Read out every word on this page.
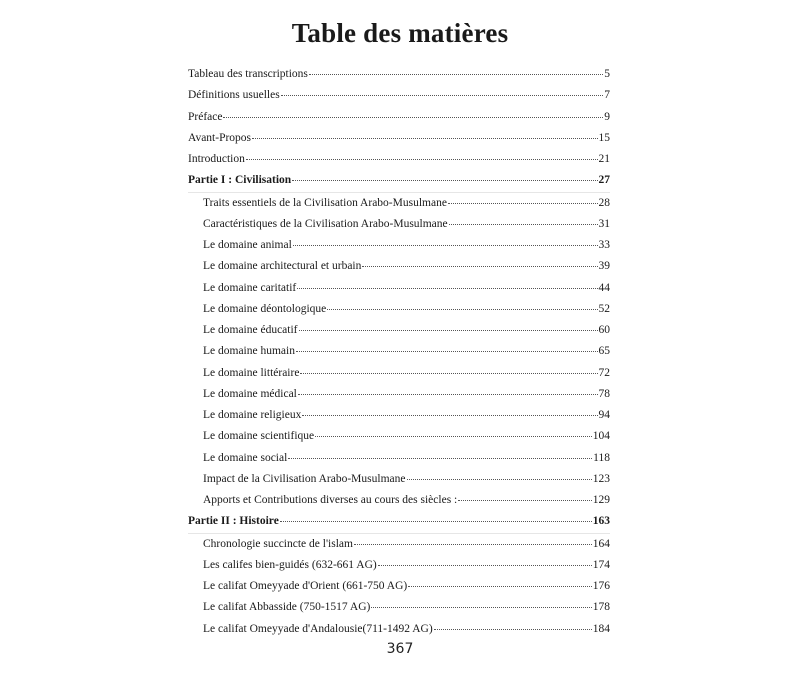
Table des matières
Tableau des transcriptions	5
Définitions usuelles	7
Préface	9
Avant-Propos	15
Introduction	21
Partie I : Civilisation	27
Traits essentiels de la Civilisation Arabo-Musulmane	28
Caractéristiques de la Civilisation Arabo-Musulmane	31
Le domaine animal	33
Le domaine architectural et urbain	39
Le domaine caritatif	44
Le domaine déontologique	52
Le domaine éducatif	60
Le domaine humain	65
Le domaine littéraire	72
Le domaine médical	78
Le domaine religieux	94
Le domaine scientifique	104
Le domaine social	118
Impact de la Civilisation Arabo-Musulmane	123
Apports et Contributions diverses au cours des siècles :	129
Partie II : Histoire	163
Chronologie succincte de l'islam	164
Les califes bien-guidés (632-661 AG)	174
Le califat Omeyyade d'Orient (661-750 AG)	176
Le califat Abbasside (750-1517 AG)	178
Le califat Omeyyade d'Andalousie(711-1492 AG)	184
367
